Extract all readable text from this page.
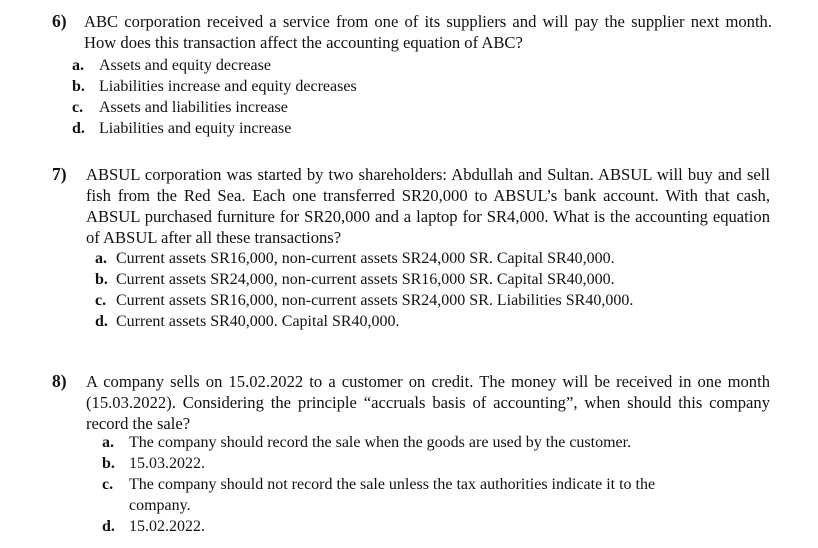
6)	ABC corporation received a service from one of its suppliers and will pay the supplier next month. How does this transaction affect the accounting equation of ABC?
a. Assets and equity decrease
b. Liabilities increase and equity decreases
c. Assets and liabilities increase
d. Liabilities and equity increase
7)	ABSUL corporation was started by two shareholders: Abdullah and Sultan. ABSUL will buy and sell fish from the Red Sea. Each one transferred SR20,000 to ABSUL’s bank account. With that cash, ABSUL purchased furniture for SR20,000 and a laptop for SR4,000. What is the accounting equation of ABSUL after all these transactions?
a. Current assets SR16,000, non-current assets SR24,000 SR. Capital SR40,000.
b. Current assets SR24,000, non-current assets SR16,000 SR. Capital SR40,000.
c. Current assets SR16,000, non-current assets SR24,000 SR. Liabilities SR40,000.
d. Current assets SR40,000. Capital SR40,000.
8)	A company sells on 15.02.2022 to a customer on credit. The money will be received in one month (15.03.2022). Considering the principle “accruals basis of accounting”, when should this company record the sale?
a. The company should record the sale when the goods are used by the customer.
b. 15.03.2022.
c. The company should not record the sale unless the tax authorities indicate it to the
company.
d. 15.02.2022.
